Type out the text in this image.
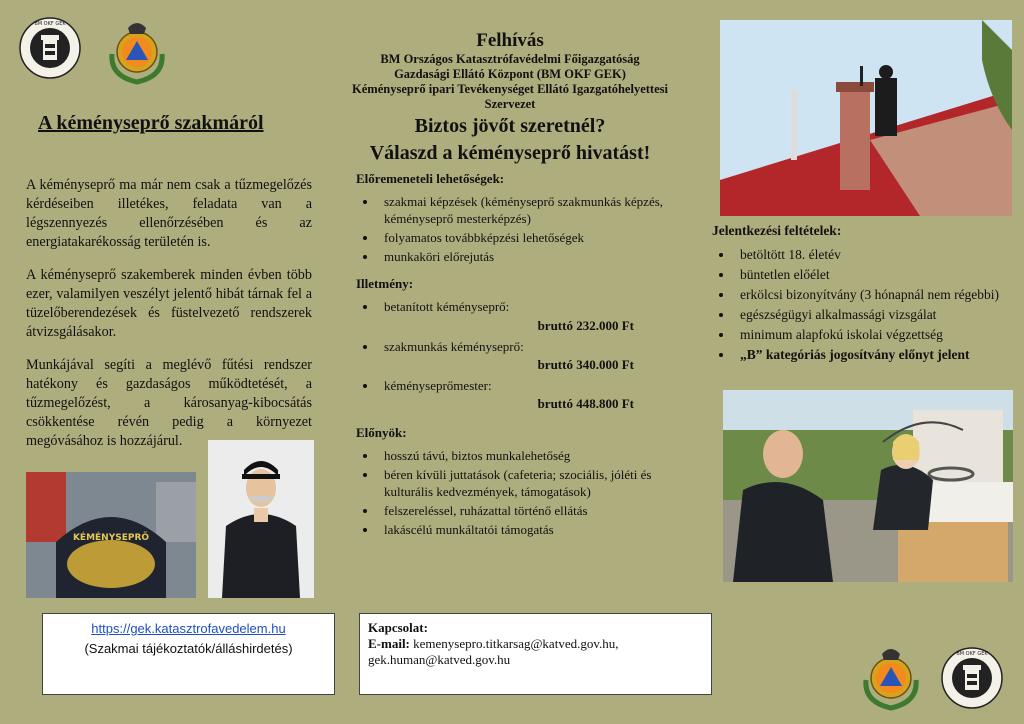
BM OKF GEK
A kéményseprő szakmáról

A kéményseprő ma már nem csak a tűzmegelőzés kérdéseiben illetékes, feladata van a légszennyezés ellenőrzésében és az energiatakarékosság területén is.

A kéményseprő szakemberek minden évben több ezer, valamilyen veszélyt jelentő hibát tárnak fel a tüzelőberendezések és füstelvezető rendszerek átvizsgálásakor.

Munkájával segíti a meglévő fűtési rendszer hatékony és gazdaságos működtetését, a tűzmegelőzést, a károsanyag-kibocsátás csökkentése révén pedig a környezet megóvásához is hozzájárul.

KÉMÉNYSEPRŐ
Felhívás
BM Országos Katasztrófavédelmi Főigazgatóság
Gazdasági Ellátó Központ (BM OKF GEK)
Kéményseprő ipari Tevékenységet Ellátó Igazgatóhelyettesi
Szervezet
Biztos jövőt szeretnél?
Válaszd a kéményseprő hivatást!
Előremeneteli lehetőségek:
• szakmai képzések (kéményseprő szakmunkás képzés, kéményseprő mesterképzés)
• folyamatos továbbképzési lehetőségek
• munkaköri előrejutás
Illetmény:
• betanított kéményseprő:
bruttó 232.000 Ft
• szakmunkás kéményseprő:
bruttó 340.000 Ft
• kéményseprőmester:
bruttó 448.800 Ft
Előnyök:
• hosszú távú, biztos munkalehetőség
• béren kívüli juttatások (cafeteria; szociális, jóléti és kulturális kedvezmények, támogatások)
• felszereléssel, ruházattal történő ellátás
• lakáscélú munkáltatói támogatás
Jelentkezési feltételek:
• betöltött 18. életév
• büntetlen előélet
• erkölcsi bizonyítvány (3 hónapnál nem régebbi)
• egészségügyi alkalmassági vizsgálat
• minimum alapfokú iskolai végzettség
• „B” kategóriás jogosítvány előnyt jelent
https://gek.katasztrofavedelem.hu
(Szakmai tájékoztatók/álláshirdetés)
Kapcsolat:
E-mail: kemenysepro.titkarsag@katved.gov.hu,
gek.human@katved.gov.hu	BM OKF GEK
